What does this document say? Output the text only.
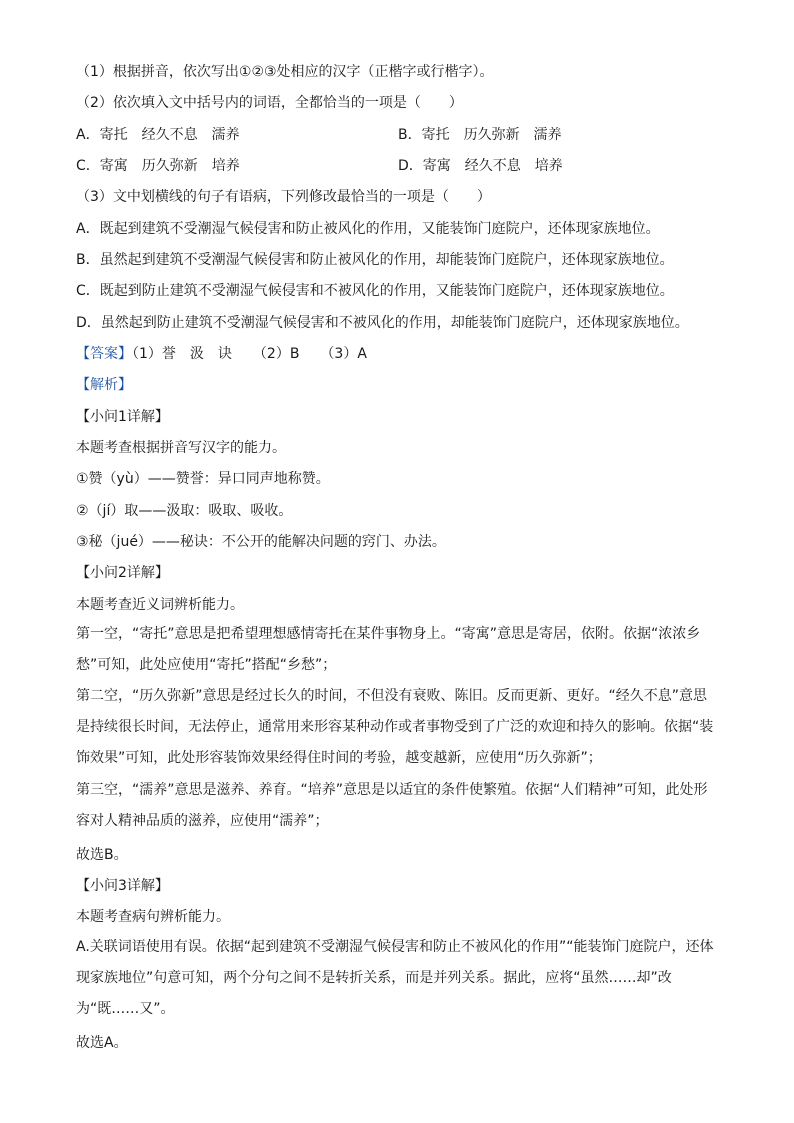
（1）根据拼音，依次写出①②③处相应的汉字（正楷字或行楷字）。
（2）依次填入文中括号内的词语，全都恰当的一项是（　　）
A．寄托　经久不息　濡养	B．寄托　历久弥新　濡养
C．寄寓　历久弥新　培养	D．寄寓　经久不息　培养
（3）文中划横线的句子有语病，下列修改最恰当的一项是（　　）
A．既起到建筑不受潮湿气候侵害和防止被风化的作用，又能装饰门庭院户，还体现家族地位。
B．虽然起到建筑不受潮湿气候侵害和防止被风化的作用，却能装饰门庭院户，还体现家族地位。
C．既起到防止建筑不受潮湿气候侵害和不被风化的作用，又能装饰门庭院户，还体现家族地位。
D．虽然起到防止建筑不受潮湿气候侵害和不被风化的作用，却能装饰门庭院户，还体现家族地位。
【答案】（1）誉　汲　诀　　（2）B　　（3）A
【解析】
【小问1详解】
本题考查根据拼音写汉字的能力。
①赞（yù）——赞誉：异口同声地称赞。
②（jí）取——汲取：吸取、吸收。
③秘（jué）——秘诀：不公开的能解决问题的窍门、办法。
【小问2详解】
本题考查近义词辨析能力。
第一空，“寄托”意思是把希望理想感情寄托在某件事物身上。“寄寓”意思是寄居，依附。依据“浓浓乡愁”可知，此处应使用“寄托”搭配“乡愁”；
第二空，“历久弥新”意思是经过长久的时间，不但没有衰败、陈旧。反而更新、更好。“经久不息”意思是持续很长时间，无法停止，通常用来形容某种动作或者事物受到了广泛的欢迎和持久的影响。依据“装饰效果”可知，此处形容装饰效果经得住时间的考验，越变越新，应使用“历久弥新”；
第三空，“濡养”意思是滋养、养育。“培养”意思是以适宜的条件使繁殖。依据“人们精神”可知，此处形容对人精神品质的滋养，应使用“濡养”；
故选B。
【小问3详解】
本题考查病句辨析能力。
A.关联词语使用有误。依据“起到建筑不受潮湿气候侵害和防止不被风化的作用”“能装饰门庭院户，还体现家族地位”句意可知，两个分句之间不是转折关系，而是并列关系。据此，应将“虽然……却”改为“既……又”。
故选A。
